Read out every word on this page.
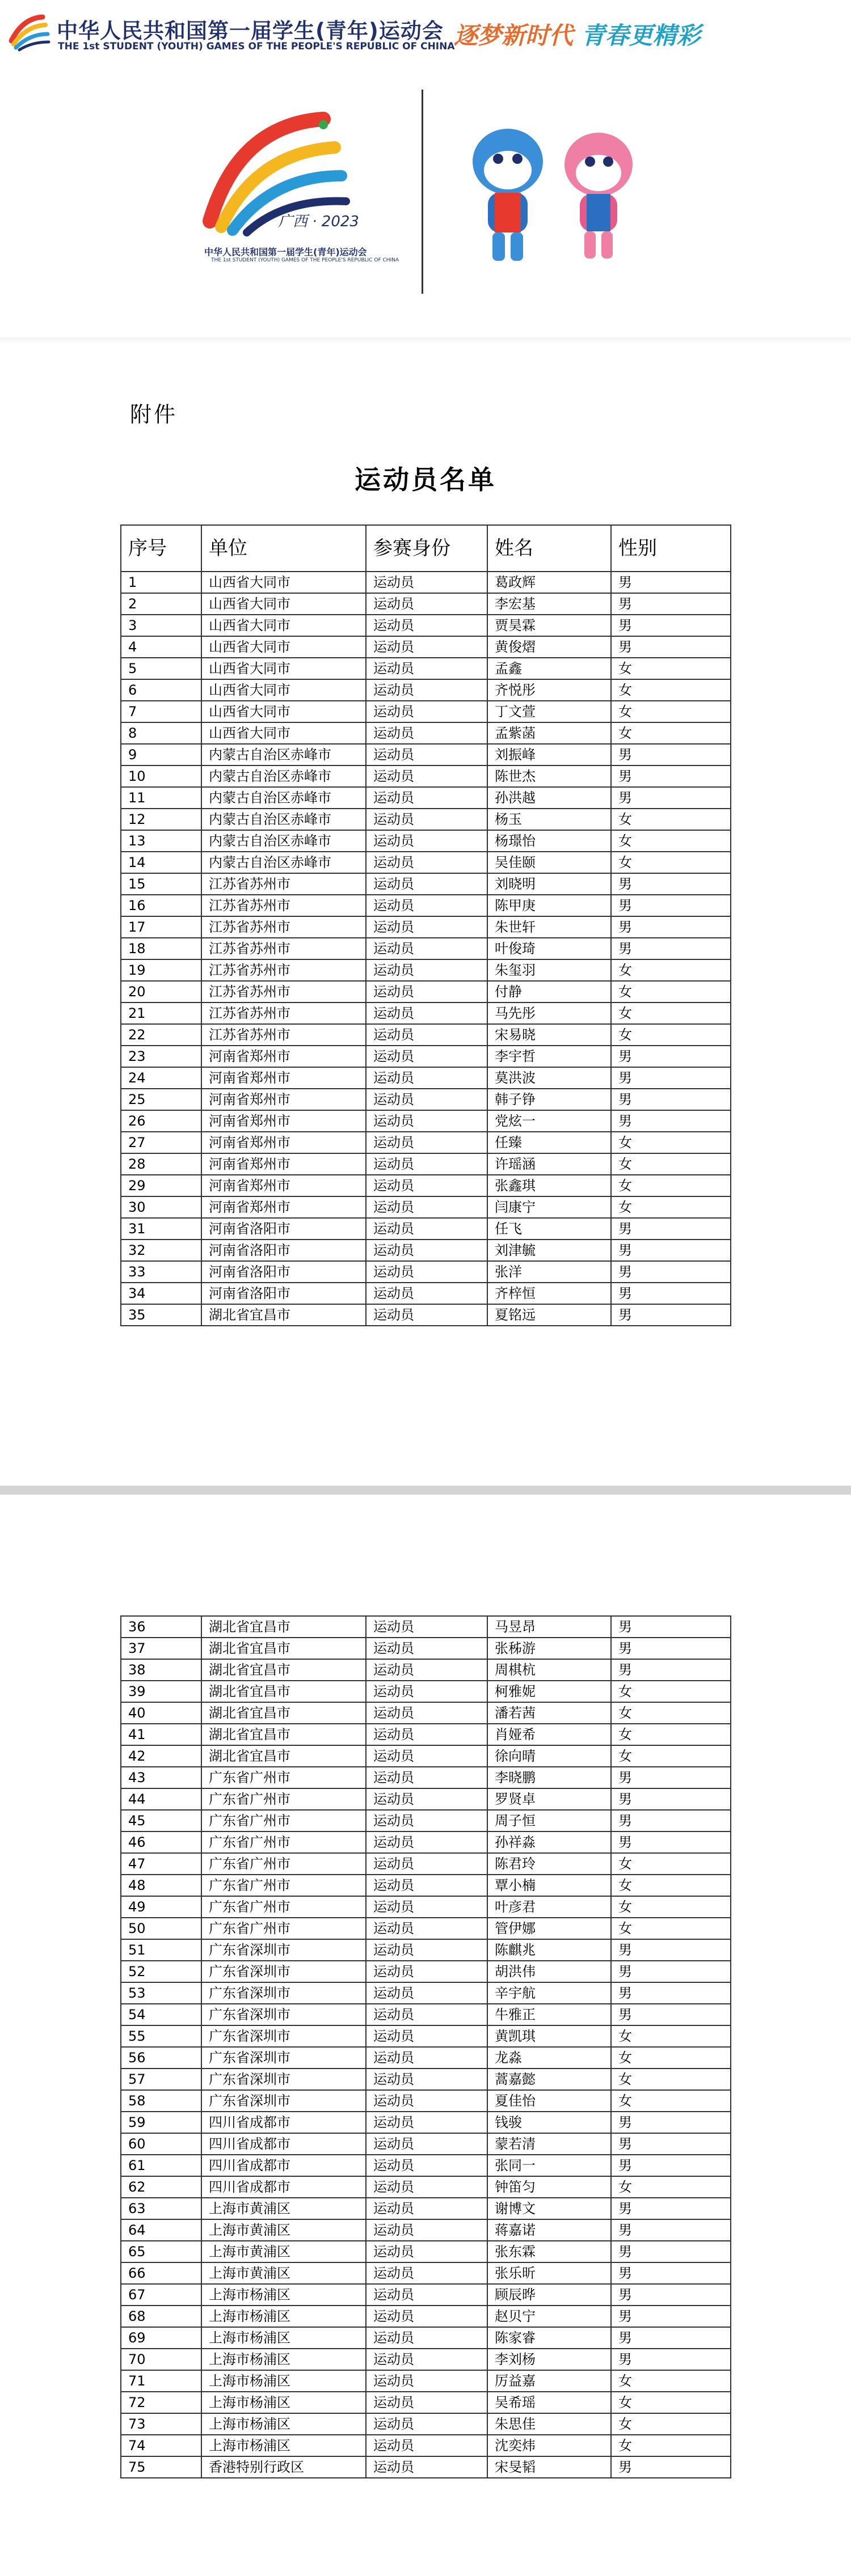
中华人民共和国第一届学生(青年)运动会
THE 1st STUDENT (YOUTH) GAMES OF THE PEOPLE'S REPUBLIC OF CHINA
逐梦新时代 青春更精彩
广西 · 2023
中华人民共和国第一届学生(青年)运动会
THE 1st STUDENT (YOUTH) GAMES OF THE PEOPLE'S REPUBLIC OF CHINA
附件
运动员名单
序号	单位	参赛身份	姓名	性别
1	山西省大同市	运动员	葛政辉	男
2	山西省大同市	运动员	李宏基	男
3	山西省大同市	运动员	贾昊霖	男
4	山西省大同市	运动员	黄俊熠	男
5	山西省大同市	运动员	孟鑫	女
6	山西省大同市	运动员	齐悦彤	女
7	山西省大同市	运动员	丁文萱	女
8	山西省大同市	运动员	孟紫菡	女
9	内蒙古自治区赤峰市	运动员	刘振峰	男
10	内蒙古自治区赤峰市	运动员	陈世杰	男
11	内蒙古自治区赤峰市	运动员	孙洪越	男
12	内蒙古自治区赤峰市	运动员	杨玉	女
13	内蒙古自治区赤峰市	运动员	杨璟怡	女
14	内蒙古自治区赤峰市	运动员	吴佳颐	女
15	江苏省苏州市	运动员	刘晓明	男
16	江苏省苏州市	运动员	陈甲庚	男
17	江苏省苏州市	运动员	朱世轩	男
18	江苏省苏州市	运动员	叶俊琦	男
19	江苏省苏州市	运动员	朱玺羽	女
20	江苏省苏州市	运动员	付静	女
21	江苏省苏州市	运动员	马先彤	女
22	江苏省苏州市	运动员	宋易晓	女
23	河南省郑州市	运动员	李宇哲	男
24	河南省郑州市	运动员	莫洪波	男
25	河南省郑州市	运动员	韩子铮	男
26	河南省郑州市	运动员	党炫一	男
27	河南省郑州市	运动员	任臻	女
28	河南省郑州市	运动员	许瑶涵	女
29	河南省郑州市	运动员	张鑫琪	女
30	河南省郑州市	运动员	闫康宁	女
31	河南省洛阳市	运动员	任飞	男
32	河南省洛阳市	运动员	刘津毓	男
33	河南省洛阳市	运动员	张洋	男
34	河南省洛阳市	运动员	齐梓恒	男
35	湖北省宜昌市	运动员	夏铭远	男
36	湖北省宜昌市	运动员	马昱昂	男
37	湖北省宜昌市	运动员	张秭游	男
38	湖北省宜昌市	运动员	周棋杭	男
39	湖北省宜昌市	运动员	柯雅妮	女
40	湖北省宜昌市	运动员	潘若茜	女
41	湖北省宜昌市	运动员	肖娅希	女
42	湖北省宜昌市	运动员	徐向晴	女
43	广东省广州市	运动员	李晓鹏	男
44	广东省广州市	运动员	罗贤卓	男
45	广东省广州市	运动员	周子恒	男
46	广东省广州市	运动员	孙祥淼	男
47	广东省广州市	运动员	陈君玲	女
48	广东省广州市	运动员	覃小楠	女
49	广东省广州市	运动员	叶彦君	女
50	广东省广州市	运动员	管伊娜	女
51	广东省深圳市	运动员	陈麒兆	男
52	广东省深圳市	运动员	胡洪伟	男
53	广东省深圳市	运动员	辛宇航	男
54	广东省深圳市	运动员	牛雅正	男
55	广东省深圳市	运动员	黄凯琪	女
56	广东省深圳市	运动员	龙淼	女
57	广东省深圳市	运动员	蒿嘉懿	女
58	广东省深圳市	运动员	夏佳怡	女
59	四川省成都市	运动员	钱骏	男
60	四川省成都市	运动员	蒙若清	男
61	四川省成都市	运动员	张同一	男
62	四川省成都市	运动员	钟笛匀	女
63	上海市黄浦区	运动员	谢博文	男
64	上海市黄浦区	运动员	蒋嘉诺	男
65	上海市黄浦区	运动员	张东霖	男
66	上海市黄浦区	运动员	张乐昕	男
67	上海市杨浦区	运动员	顾辰晔	男
68	上海市杨浦区	运动员	赵贝宁	男
69	上海市杨浦区	运动员	陈家睿	男
70	上海市杨浦区	运动员	李刘杨	男
71	上海市杨浦区	运动员	厉益嘉	女
72	上海市杨浦区	运动员	吴希瑶	女
73	上海市杨浦区	运动员	朱思佳	女
74	上海市杨浦区	运动员	沈奕炜	女
75	香港特别行政区	运动员	宋旻韬	男
